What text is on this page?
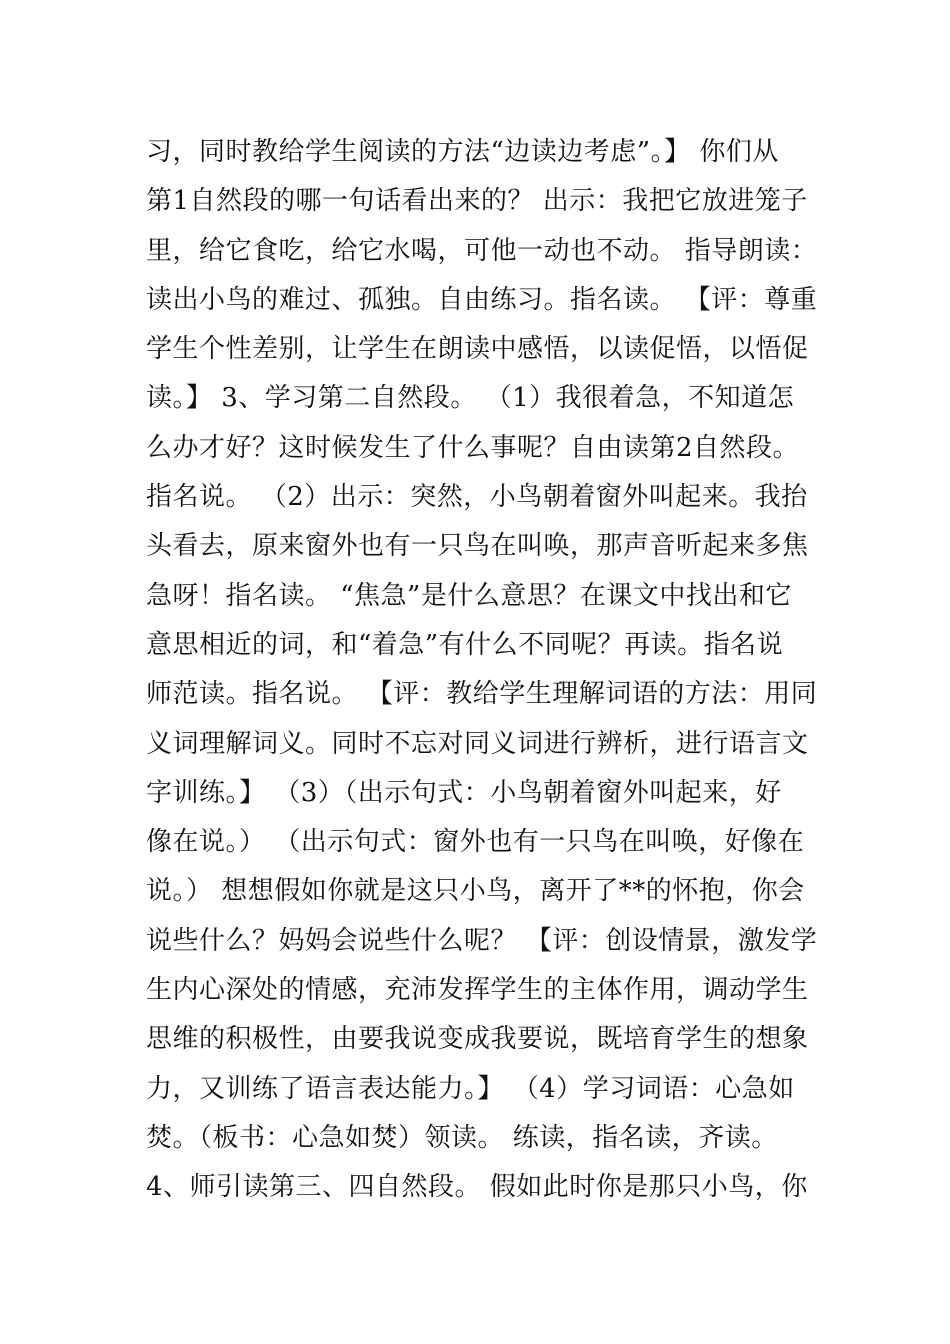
习，同时教给学生阅读的方法“边读边考虑”。】 你们从
第1自然段的哪一句话看出来的？ 出示：我把它放进笼子
里，给它食吃，给它水喝，可他一动也不动。 指导朗读：
读出小鸟的难过、孤独。自由练习。指名读。 【评：尊重
学生个性差别，让学生在朗读中感悟，以读促悟，以悟促
读。】 3、学习第二自然段。 （1）我很着急，不知道怎
么办才好？这时候发生了什么事呢？自由读第2自然段。
指名说。 （2）出示：突然，小鸟朝着窗外叫起来。我抬
头看去，原来窗外也有一只鸟在叫唤，那声音听起来多焦
急呀！指名读。 “焦急”是什么意思？在课文中找出和它
意思相近的词，和“着急”有什么不同呢？再读。指名说
师范读。指名说。 【评：教给学生理解词语的方法：用同
义词理解词义。同时不忘对同义词进行辨析，进行语言文
字训练。】 （3）（出示句式：小鸟朝着窗外叫起来，好
像在说。） （出示句式：窗外也有一只鸟在叫唤，好像在
说。） 想想假如你就是这只小鸟，离开了**的怀抱，你会
说些什么？妈妈会说些什么呢？ 【评：创设情景，激发学
生内心深处的情感，充沛发挥学生的主体作用，调动学生
思维的积极性，由要我说变成我要说，既培育学生的想象
力，又训练了语言表达能力。】 （4）学习词语：心急如
焚。（板书：心急如焚）领读。 练读，指名读，齐读。
4、师引读第三、四自然段。 假如此时你是那只小鸟，你
